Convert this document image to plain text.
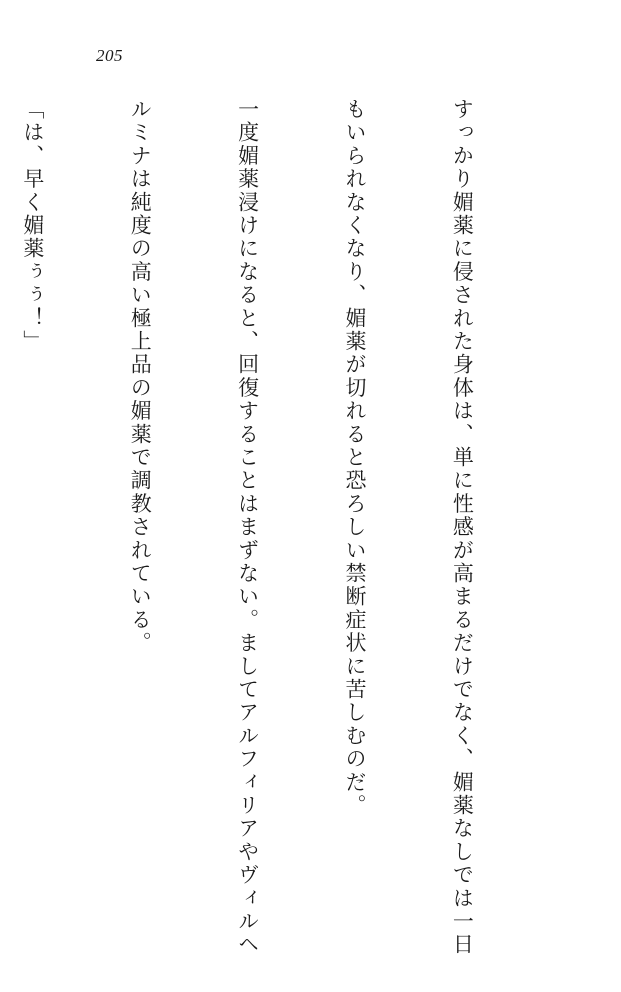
205

すっかり媚薬に侵された身体は、単に性感が高まるだけでなく、媚薬なしでは一日

もいられなくなり、媚薬が切れると恐ろしい禁断症状に苦しむのだ。

一度媚薬浸けになると、回復することはまずない。ましてアルフィリアやヴィルヘ

ルミナは純度の高い極上品の媚薬で調教されている。

「は、早く媚薬ぅぅ！」
